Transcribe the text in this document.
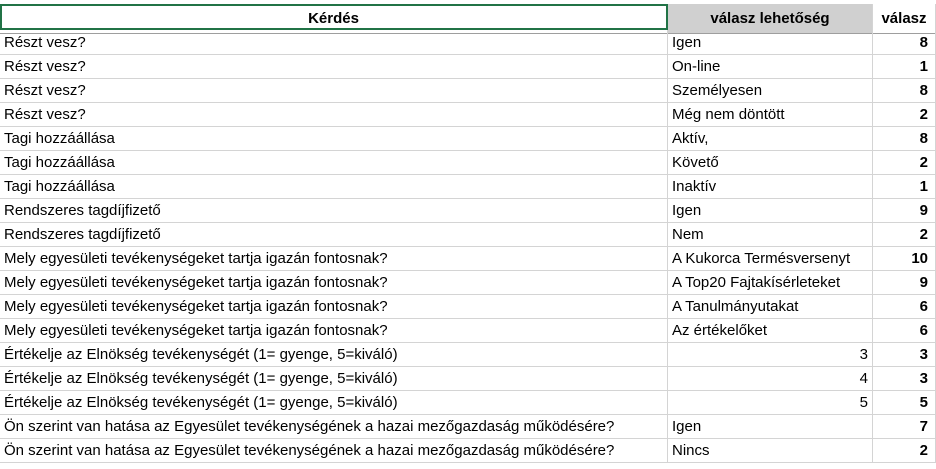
Kérdés	válasz lehetőség	válasz
Részt vesz?	Igen	8
Részt vesz?	On-line	1
Részt vesz?	Személyesen	8
Részt vesz?	Még nem döntött	2
Tagi hozzáállása	Aktív,	8
Tagi hozzáállása	Követő	2
Tagi hozzáállása	Inaktív	1
Rendszeres tagdíjfizető	Igen	9
Rendszeres tagdíjfizető	Nem	2
Mely egyesületi tevékenységeket tartja igazán fontosnak?	A Kukorca Termésversenyt	10
Mely egyesületi tevékenységeket tartja igazán fontosnak?	A Top20 Fajtakísérleteket	9
Mely egyesületi tevékenységeket tartja igazán fontosnak?	A Tanulmányutakat	6
Mely egyesületi tevékenységeket tartja igazán fontosnak?	Az értékelőket	6
Értékelje az Elnökség tevékenységét (1= gyenge, 5=kiváló)	3	3
Értékelje az Elnökség tevékenységét (1= gyenge, 5=kiváló)	4	3
Értékelje az Elnökség tevékenységét (1= gyenge, 5=kiváló)	5	5
Ön szerint van hatása az Egyesület tevékenységének a hazai mezőgazdaság működésére?	Igen	7
Ön szerint van hatása az Egyesület tevékenységének a hazai mezőgazdaság működésére?	Nincs	2
